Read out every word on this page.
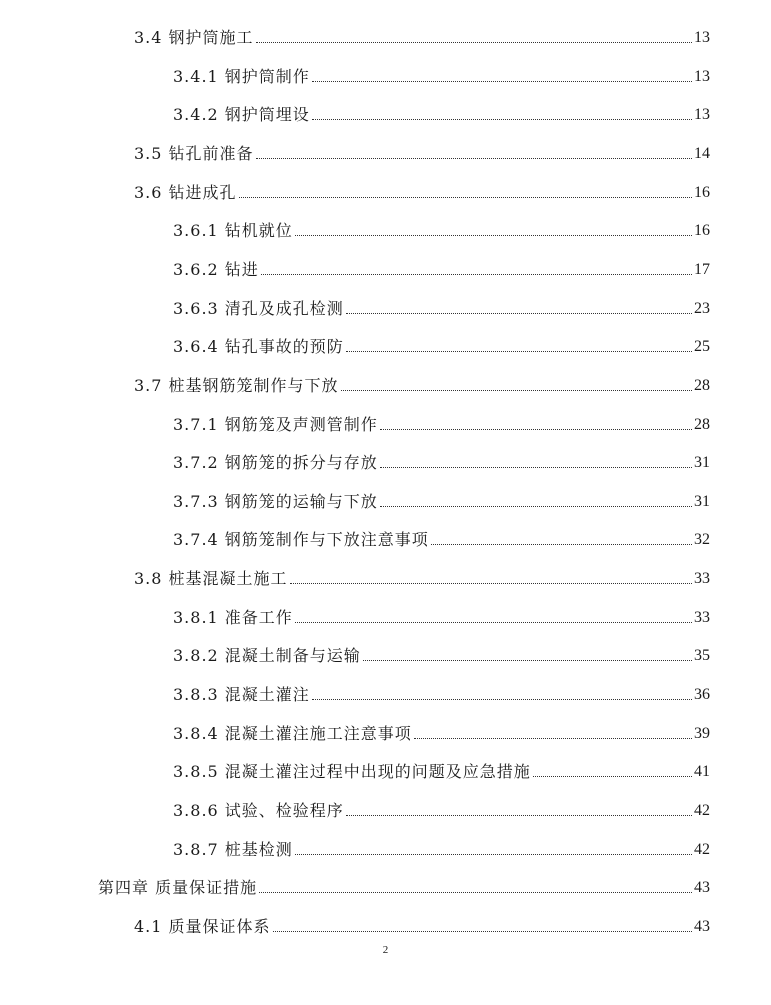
3.4 钢护筒施工	13
3.4.1 钢护筒制作	13
3.4.2 钢护筒埋设	13
3.5 钻孔前准备	14
3.6 钻进成孔	16
3.6.1 钻机就位	16
3.6.2 钻进	17
3.6.3 清孔及成孔检测	23
3.6.4 钻孔事故的预防	25
3.7 桩基钢筋笼制作与下放	28
3.7.1 钢筋笼及声测管制作	28
3.7.2 钢筋笼的拆分与存放	31
3.7.3 钢筋笼的运输与下放	31
3.7.4 钢筋笼制作与下放注意事项	32
3.8 桩基混凝土施工	33
3.8.1 准备工作	33
3.8.2 混凝土制备与运输	35
3.8.3 混凝土灌注	36
3.8.4 混凝土灌注施工注意事项	39
3.8.5 混凝土灌注过程中出现的问题及应急措施	41
3.8.6 试验、检验程序	42
3.8.7 桩基检测	42
第四章 质量保证措施	43
4.1 质量保证体系	43
2
